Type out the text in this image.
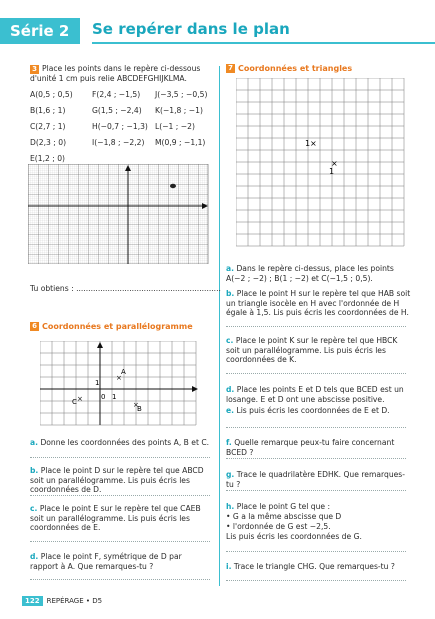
Série 2	Se repérer dans le plan
3 Place les points dans le repère ci-dessous d'unité 1 cm puis relie ABCDEFGHIJKLMA.
A(0,5 ; 0,5)	F(2,4 ; −1,5) J(−3,5 ; −0,5)
B(1,6 ; 1)	G(1,5 ; −2,4) K(−1,8 ; −1)
C(2,7 ; 1)	H(−0,7 ; −1,3) L(−1 ; −2)
D(2,3 ; 0)	I(−1,8 ; −2,2) M(0,9 ; −1,1)
E(1,2 ; 0)
Tu obtiens : ............................................................
6 Coordonnées et parallélogramme
1
0 1
A
B
C
×
×
×
a. Donne les coordonnées des points A, B et C.
b. Place le point D sur le repère tel que ABCD soit un parallélogramme. Lis puis écris les coordonnées de D.
c. Place le point E sur le repère tel que CAEB soit un parallélogramme. Lis puis écris les coordonnées de E.
d. Place le point F, symétrique de D par rapport à A. Que remarques-tu ?
7 Coordonnées et triangles
1 ×
1
×
a. Dans le repère ci-dessus, place les points A(−2 ; −2) ; B(1 ; −2) et C(−1,5 ; 0,5).
b. Place le point H sur le repère tel que HAB soit un triangle isocèle en H avec l'ordonnée de H égale à 1,5. Lis puis écris les coordonnées de H.
c. Place le point K sur le repère tel que HBCK soit un parallélogramme. Lis puis écris les coordonnées de K.
d. Place les points E et D tels que BCED est un losange. E et D ont une abscisse positive.
e. Lis puis écris les coordonnées de E et D.
f. Quelle remarque peux-tu faire concernant BCED ?
g. Trace le quadrilatère EDHK. Que remarques-tu ?
h. Place le point G tel que :
• G a la même abscisse que D
• l'ordonnée de G est −2,5.
Lis puis écris les coordonnées de G.
i. Trace le triangle CHG. Que remarques-tu ?
122 REPÉRAGE • D5
